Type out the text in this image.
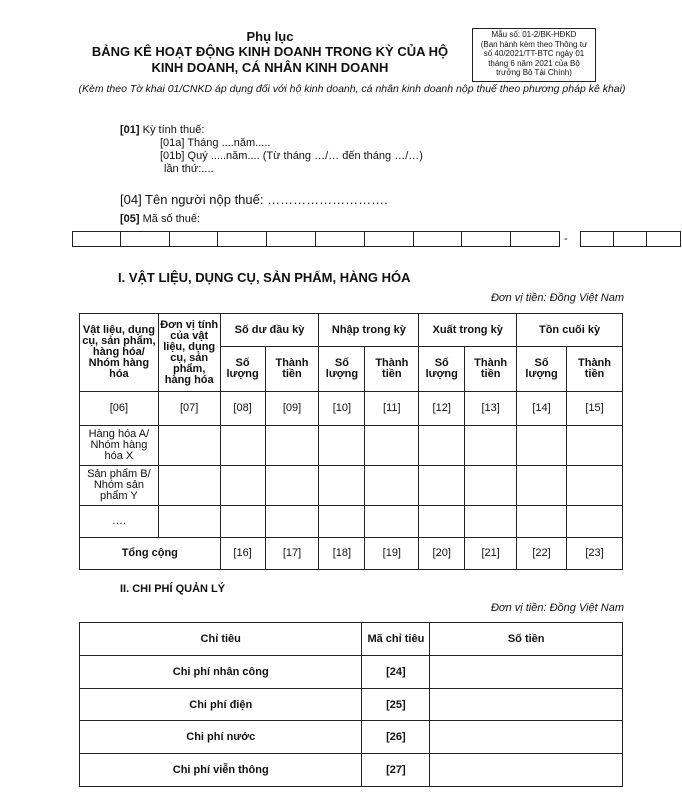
Phụ lục
BẢNG KÊ HOẠT ĐỘNG KINH DOANH TRONG KỲ CỦA HỘ
KINH DOANH, CÁ NHÂN KINH DOANH
Mẫu số: 01-2/BK-HĐKD
(Ban hành kèm theo Thông tư số 40/2021/TT-BTC ngày 01 tháng 6 năm 2021 của Bộ trưởng Bộ Tài Chính)
(Kèm theo Tờ khai 01/CNKD áp dụng đối với hộ kinh doanh, cá nhân kinh doanh nộp thuế theo phương pháp kê khai)
[01] Kỳ tính thuế:
[01a] Tháng ....năm.....
[01b] Quý .....năm.... (Từ tháng …/… đến tháng …/…)
lần thứ:....
[04] Tên người nộp thuế: ……………………….
[05] Mã số thuế:
-
I. VẬT LIỆU, DỤNG CỤ, SẢN PHẨM, HÀNG HÓA
Đơn vị tiền: Đồng Việt Nam
Vật liệu, dụng cụ, sản phẩm, hàng hóa/ Nhóm hàng hóa	Đơn vị tính của vật liệu, dụng cụ, sản phẩm, hàng hóa	Số dư đầu kỳ		Nhập trong kỳ		Xuất trong kỳ		Tồn cuối kỳ	
		Số lượng	Thành tiền	Số lượng	Thành tiền	Số lượng	Thành tiền	Số lượng	Thành tiền
[06]	[07]	[08]	[09]	[10]	[11]	[12]	[13]	[14]	[15]
Hàng hóa A/ Nhóm hàng hóa X									
Sản phẩm B/ Nhóm sản phẩm Y									
….									
Tổng cộng		[16]	[17]	[18]	[19]	[20]	[21]	[22]	[23]
II. CHI PHÍ QUẢN LÝ
Đơn vị tiền: Đồng Việt Nam
Chỉ tiêu	Mã chỉ tiêu	Số tiền
Chi phí nhân công	[24]	
Chi phí điện	[25]	
Chi phí nước	[26]	
Chi phí viễn thông	[27]	
